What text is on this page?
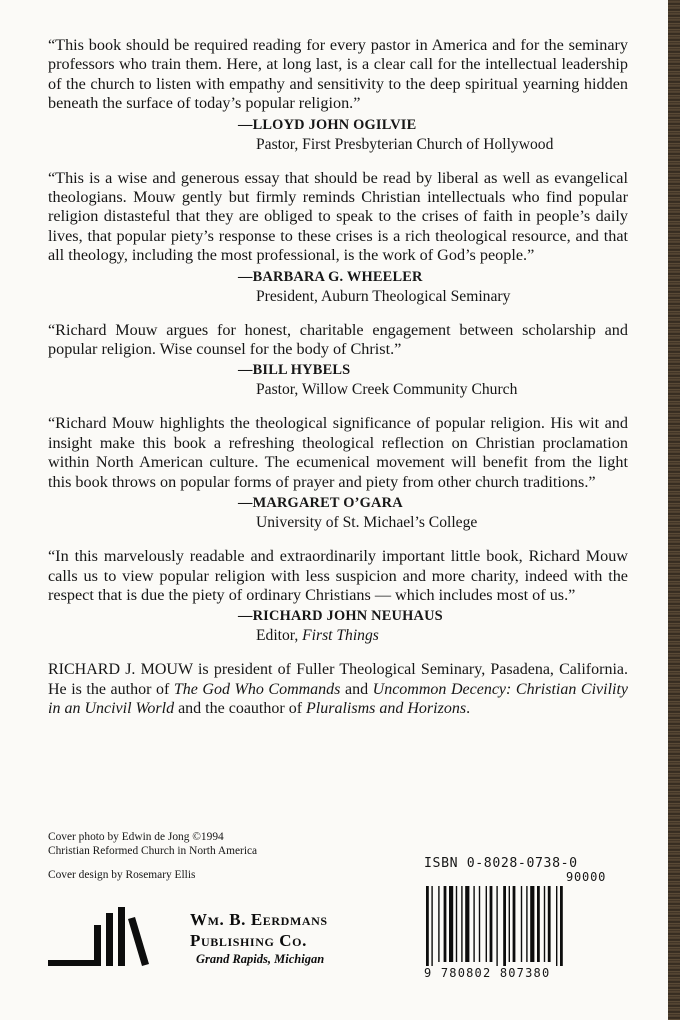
“This book should be required reading for every pastor in America and for the seminary professors who train them. Here, at long last, is a clear call for the intellectual leadership of the church to listen with empathy and sensitivity to the deep spiritual yearning hidden beneath the surface of today’s popular religion.”

—LLOYD JOHN OGILVIE
Pastor, First Presbyterian Church of Hollywood

“This is a wise and generous essay that should be read by liberal as well as evangelical theologians. Mouw gently but firmly reminds Christian intellectuals who find popular religion distasteful that they are obliged to speak to the crises of faith in people’s daily lives, that popular piety’s response to these crises is a rich theological resource, and that all theology, including the most professional, is the work of God’s people.”

—BARBARA G. WHEELER
President, Auburn Theological Seminary

“Richard Mouw argues for honest, charitable engagement between scholarship and popular religion. Wise counsel for the body of Christ.”

—BILL HYBELS
Pastor, Willow Creek Community Church

“Richard Mouw highlights the theological significance of popular religion. His wit and insight make this book a refreshing theological reflection on Christian proclamation within North American culture. The ecumenical movement will benefit from the light this book throws on popular forms of prayer and piety from other church traditions.”

—MARGARET O’GARA
University of St. Michael’s College

“In this marvelously readable and extraordinarily important little book, Richard Mouw calls us to view popular religion with less suspicion and more charity, indeed with the respect that is due the piety of ordinary Christians — which includes most of us.”

—RICHARD JOHN NEUHAUS
Editor, First Things

RICHARD J. MOUW is president of Fuller Theological Seminary, Pasadena, California. He is the author of The God Who Commands and Uncommon Decency: Christian Civility in an Uncivil World and the coauthor of Pluralisms and Horizons.

Cover photo by Edwin de Jong ©1994
Christian Reformed Church in North America

Cover design by Rosemary Ellis

Wm. B. Eerdmans
Publishing Co.
Grand Rapids, Michigan
ISBN 0-8028-0738-0
90000
9 780802 807380
